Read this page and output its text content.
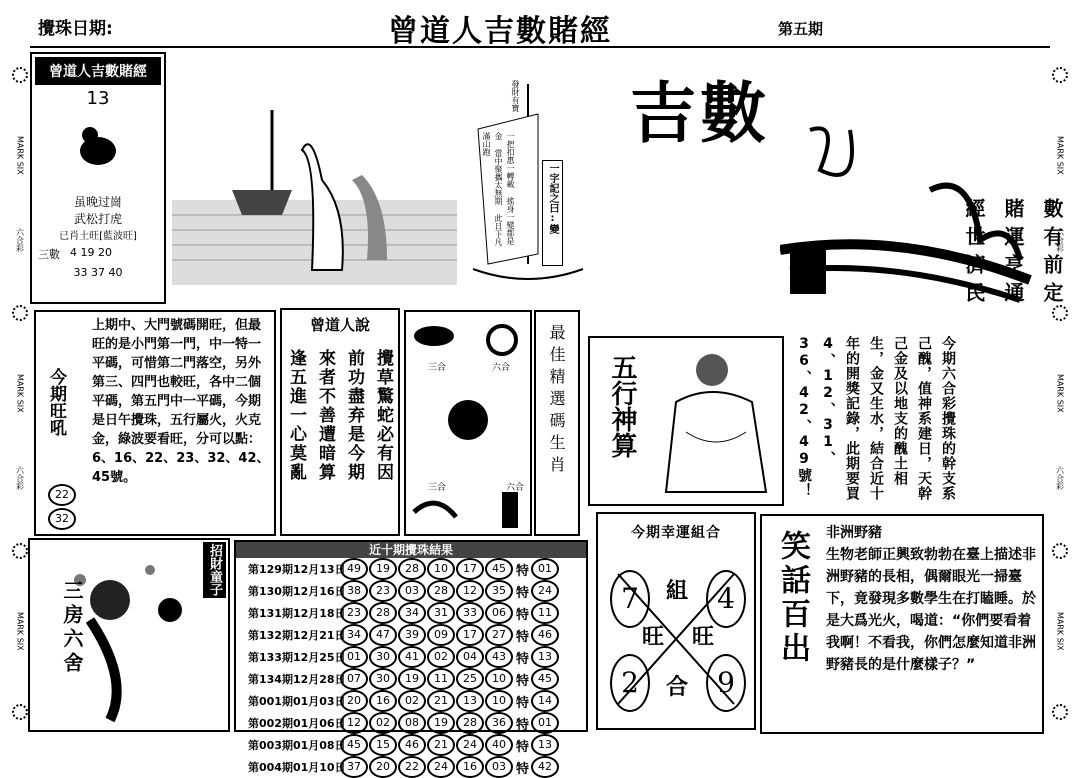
攪珠日期:	曾道人吉數賭經	第五期
MARK SIX
六合彩
MARK SIX
六合彩
MARK SIX
MARK SIX
六合彩
MARK SIX
六合彩
MARK SIX
曾道人吉數賭經
13
虽晚过崗
武松打虎
已肖土旺[藍波旺]
三數 4 19 20
33 37 40
發財有寶
一把扣惠一轉載 搖身一變都是金 當中聚攜太無期 此日下凡滿山跑
一字記之曰:變
吉數
數有前定
賭運亨通
經世濟民
今期旺吼
22
32
上期中、大門號碼開旺，但最旺的是小門第一門，中一特一平碼，可惜第二門落空，另外第三、四門也較旺，各中二個平碼，第五門中一平碼，今期是日午攪珠，五行屬火，火克金，綠波要看旺，分可以點：6、16、22、23、32、42、45號。
曾道人說
攪草驚蛇必有因
前功盡弃是今期
來者不善遭暗算
逢五進一心莫亂	三合	六合
三合	六合
最佳精選碼生肖	五行神算	今期六合彩攪珠的幹支系己醜，值神系建日，天幹己金及以地支的醜土相生，金又生水，結合近十年的開獎記錄，此期要買4、12、31、36、42、49號！
招財童子
三房六舍
近十期攪珠結果
第129期12月13日 49	19	28	10	17	45 特 01
第130期12月16日 38	23	03	28	12	35 特 24
第131期12月18日 23	28	34	31	33	06 特 11
第132期12月21日 34	47	39	09	17	27 特 46
第133期12月25日 01	30	41	02	04	43 特 13
第134期12月28日 07	30	19	11	25	10 特 45
第001期01月03日 20	16	02	21	13	10 特 14
第002期01月06日 12	02	08	19	28	36 特 01
第003期01月08日 45	15	46	21	24	40 特 13
第004期01月10日 37	20	22	24	16	03 特 42
今期幸運組合
7	4
2	9
組
旺 旺
合
笑話百出 非洲野豬
生物老師正興致勃勃在臺上描述非洲野豬的長相，偶爾眼光一掃臺下，竟發現多數學生在打瞌睡。於是大爲光火，喝道：“你們要看着我啊！不看我，你們怎麼知道非洲野豬長的是什麼樣子？”
